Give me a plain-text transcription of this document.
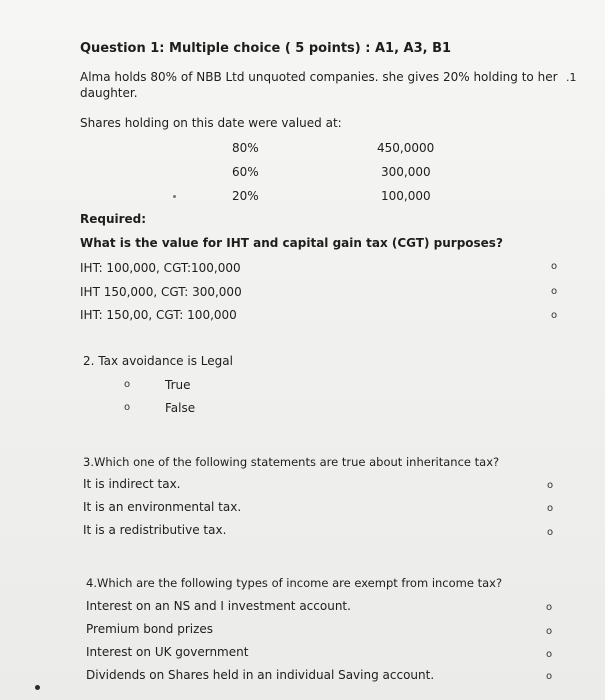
Question 1: Multiple choice ( 5 points) : A1, A3, B1
.1
Alma holds 80% of NBB Ltd unquoted companies. she gives 20% holding to her
daughter.
Shares holding on this date were valued at:
80%	450,0000
60%	300,000
20%	100,000
Required:
What is the value for IHT and capital gain tax (CGT) purposes?
IHT: 100,000, CGT:100,000
IHT 150,000, CGT: 300,000
IHT: 150,00, CGT: 100,000
o
o
o
2. Tax avoidance is Legal
o	True
o	False
3.Which one of the following statements are true about inheritance tax?
It is indirect tax.
It is an environmental tax.
It is a redistributive tax.
o
o
o
4.Which are the following types of income are exempt from income tax?
Interest on an NS and I investment account.
Premium bond prizes
Interest on UK government
Dividends on Shares held in an individual Saving account.
o
o
o
o
